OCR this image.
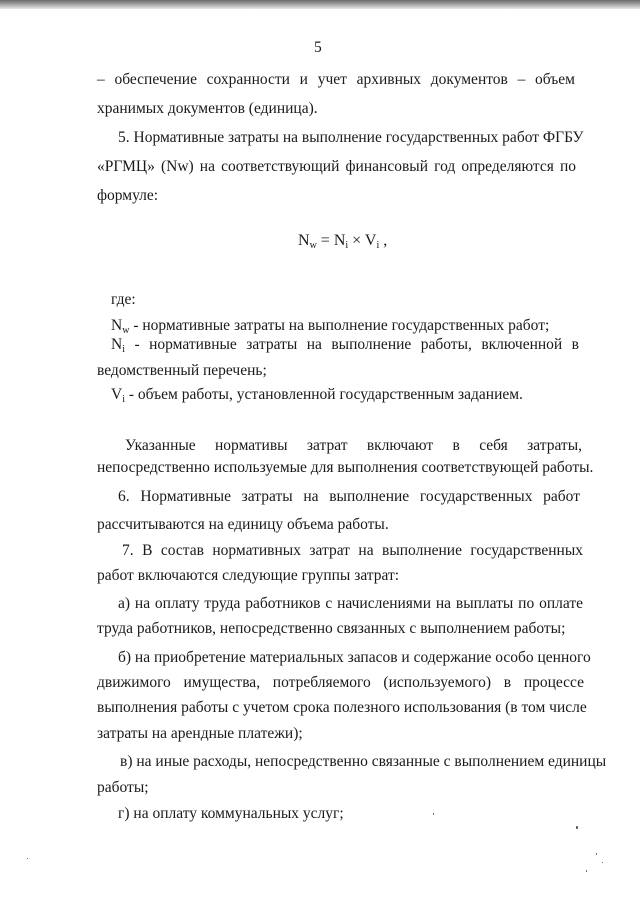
5
– обеспечение сохранности и учет архивных документов – объем
хранимых документов (единица).
5. Нормативные затраты на выполнение государственных работ ФГБУ
«РГМЦ» (Nw) на соответствующий финансовый год определяются по
формуле:
$N_w = N_i \times V_i$ ,
где:
$N_w$ - нормативные затраты на выполнение государственных работ;
$N_i$ - нормативные затраты на выполнение работы, включенной в
ведомственный перечень;
$V_i$ - объем работы, установленной государственным заданием.
Указанные нормативы затрат включают в себя затраты,
непосредственно используемые для выполнения соответствующей работы.
6. Нормативные затраты на выполнение государственных работ
рассчитываются на единицу объема работы.
7. В состав нормативных затрат на выполнение государственных
работ включаются следующие группы затрат:
а) на оплату труда работников с начислениями на выплаты по оплате
труда работников, непосредственно связанных с выполнением работы;
б) на приобретение материальных запасов и содержание особо ценного
движимого имущества, потребляемого (используемого) в процессе
выполнения работы с учетом срока полезного использования (в том числе
затраты на арендные платежи);
в) на иные расходы, непосредственно связанные с выполнением единицы
работы;
г) на оплату коммунальных услуг;
